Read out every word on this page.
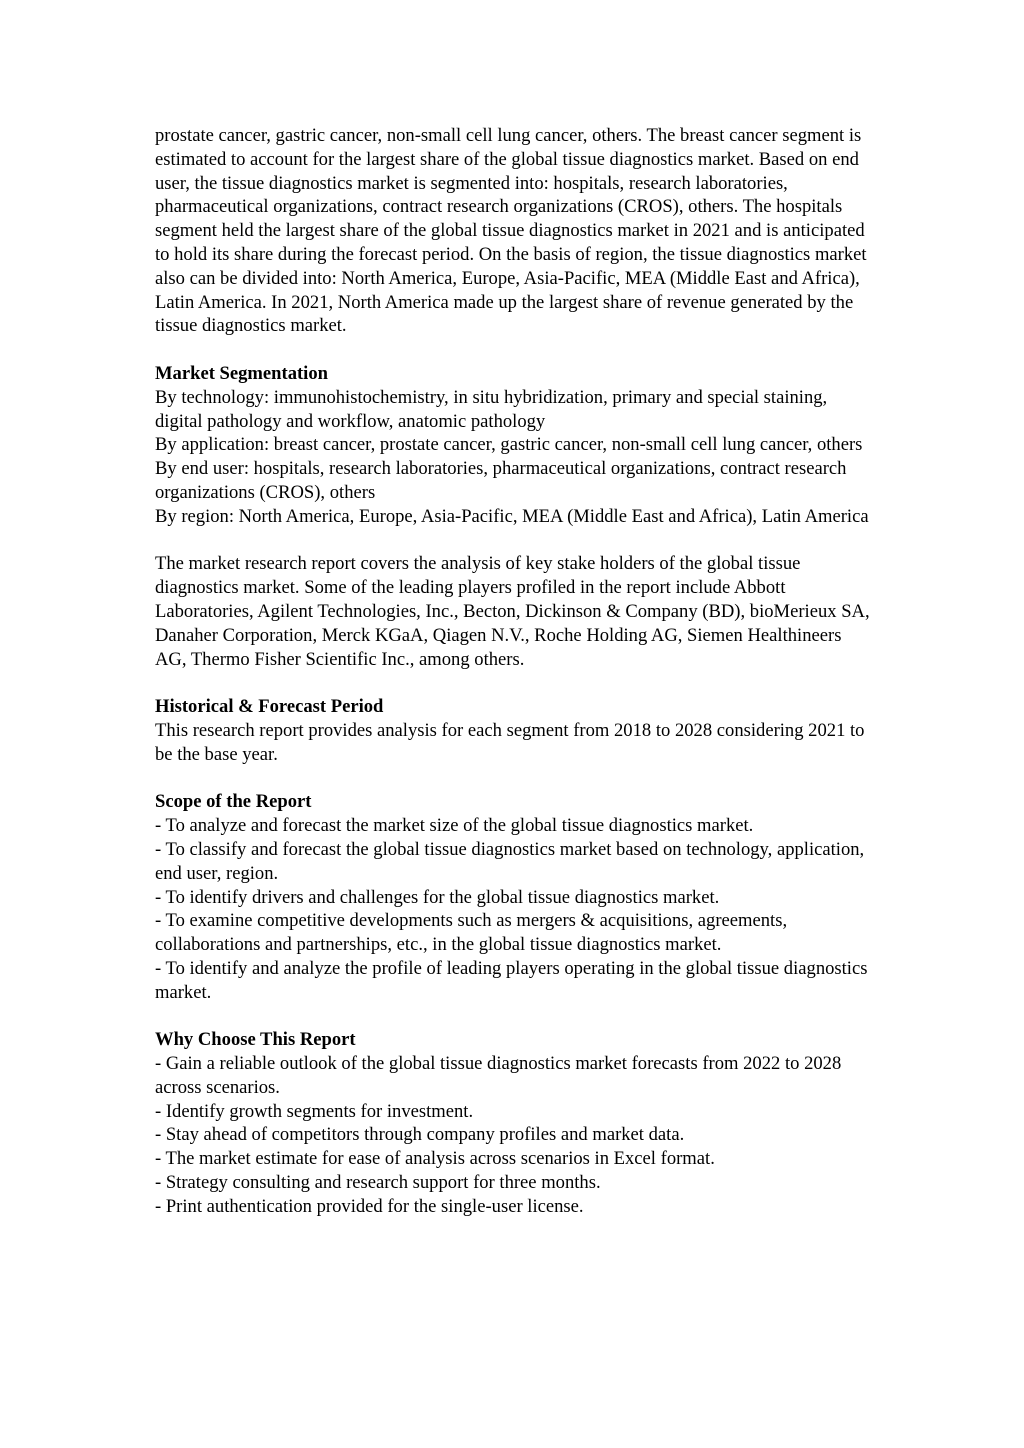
prostate cancer, gastric cancer, non-small cell lung cancer, others. The breast cancer segment is estimated to account for the largest share of the global tissue diagnostics market. Based on end user, the tissue diagnostics market is segmented into: hospitals, research laboratories, pharmaceutical organizations, contract research organizations (CROS), others. The hospitals segment held the largest share of the global tissue diagnostics market in 2021 and is anticipated to hold its share during the forecast period. On the basis of region, the tissue diagnostics market also can be divided into: North America, Europe, Asia-Pacific, MEA (Middle East and Africa), Latin America. In 2021, North America made up the largest share of revenue generated by the tissue diagnostics market.

Market Segmentation
By technology: immunohistochemistry, in situ hybridization, primary and special staining, digital pathology and workflow, anatomic pathology
By application: breast cancer, prostate cancer, gastric cancer, non-small cell lung cancer, others
By end user: hospitals, research laboratories, pharmaceutical organizations, contract research organizations (CROS), others
By region: North America, Europe, Asia-Pacific, MEA (Middle East and Africa), Latin America

The market research report covers the analysis of key stake holders of the global tissue diagnostics market. Some of the leading players profiled in the report include Abbott Laboratories, Agilent Technologies, Inc., Becton, Dickinson & Company (BD), bioMerieux SA, Danaher Corporation, Merck KGaA, Qiagen N.V., Roche Holding AG, Siemen Healthineers AG, Thermo Fisher Scientific Inc., among others.

Historical & Forecast Period
This research report provides analysis for each segment from 2018 to 2028 considering 2021 to be the base year.
Scope of the Report
- To analyze and forecast the market size of the global tissue diagnostics market.
- To classify and forecast the global tissue diagnostics market based on technology, application, end user, region.
- To identify drivers and challenges for the global tissue diagnostics market.
- To examine competitive developments such as mergers & acquisitions, agreements, collaborations and partnerships, etc., in the global tissue diagnostics market.
- To identify and analyze the profile of leading players operating in the global tissue diagnostics market.
Why Choose This Report
- Gain a reliable outlook of the global tissue diagnostics market forecasts from 2022 to 2028 across scenarios.
- Identify growth segments for investment.
- Stay ahead of competitors through company profiles and market data.
- The market estimate for ease of analysis across scenarios in Excel format.
- Strategy consulting and research support for three months.
- Print authentication provided for the single-user license.
